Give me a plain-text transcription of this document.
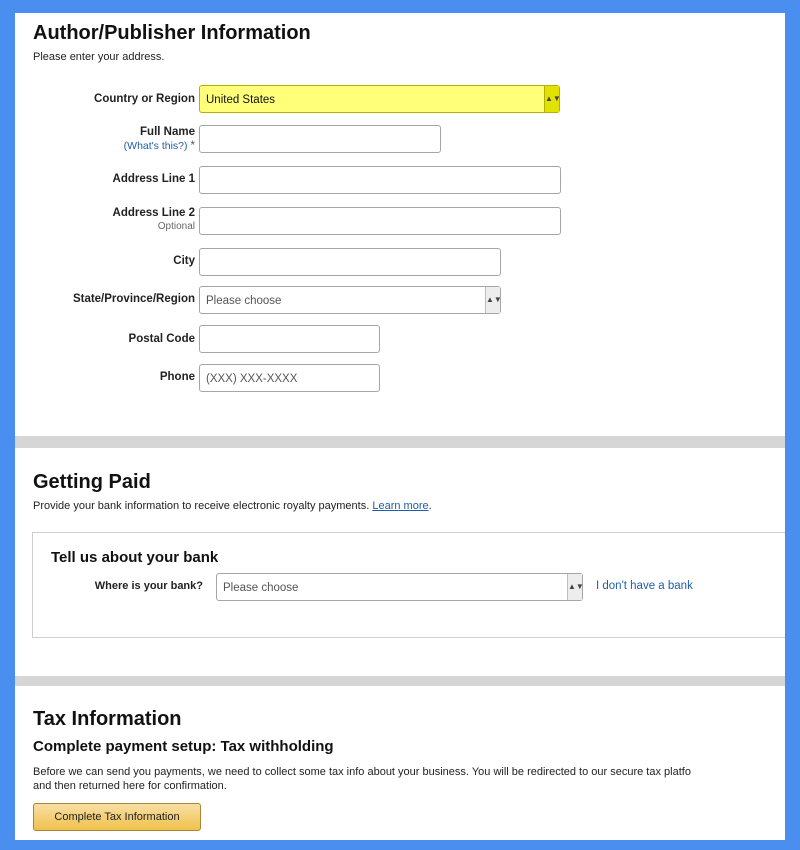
Author/Publisher Information

Please enter your address.

Country or Region United States	▲▼
Full Name
(What's this?) *
Address Line 1
Address Line 2
Optional
City
State/Province/Region Please choose	▲▼
Postal Code
Phone (XXX) XXX-XXXX
Getting Paid

Provide your bank information to receive electronic royalty payments. Learn more.

Tell us about your bank

Where is your bank?	Please choose	▲▼ I don't have a bank
Tax Information

Complete payment setup: Tax withholding

Before we can send you payments, we need to collect some tax info about your business. You will be redirected to our secure tax platfo
and then returned here for confirmation.

Complete Tax Information
